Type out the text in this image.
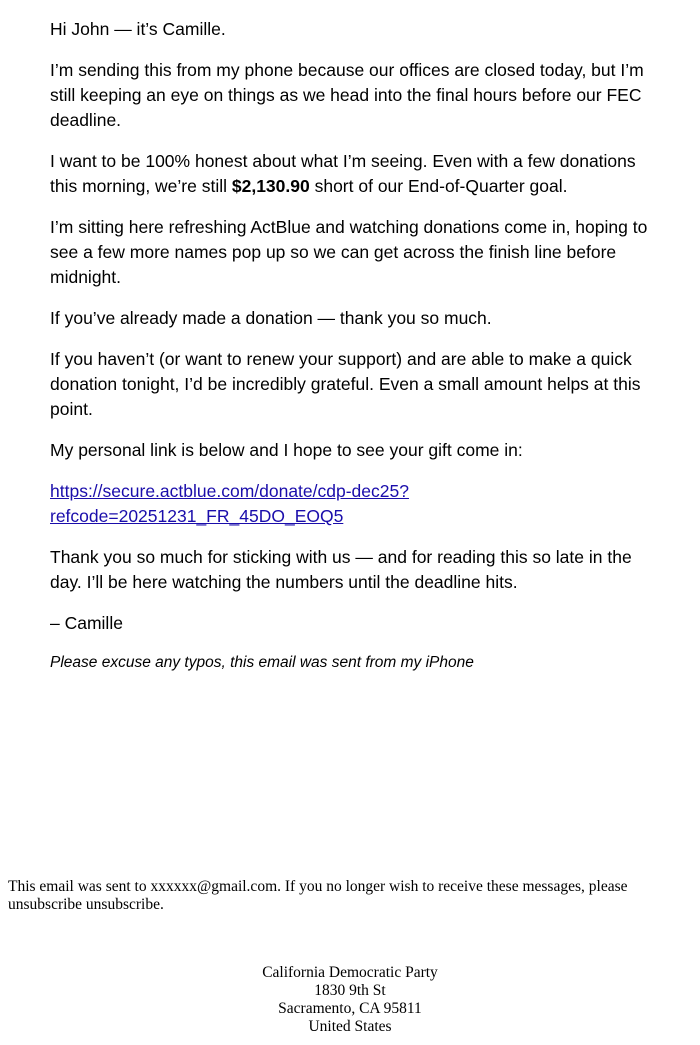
Hi John — it’s Camille.

I’m sending this from my phone because our offices are closed today, but I’m still keeping an eye on things as we head into the final hours before our FEC deadline.

I want to be 100% honest about what I’m seeing. Even with a few donations this morning, we’re still $2,130.90 short of our End-of-Quarter goal.

I’m sitting here refreshing ActBlue and watching donations come in, hoping to see a few more names pop up so we can get across the finish line before midnight.

If you’ve already made a donation — thank you so much.

If you haven’t (or want to renew your support) and are able to make a quick donation tonight, I’d be incredibly grateful. Even a small amount helps at this point.

My personal link is below and I hope to see your gift come in:

https://secure.actblue.com/donate/cdp-dec25?
refcode=20251231_FR_45DO_EOQ5

Thank you so much for sticking with us — and for reading this so late in the day. I’ll be here watching the numbers until the deadline hits.

– Camille

Please excuse any typos, this email was sent from my iPhone

This email was sent to xxxxxx@gmail.com. If you no longer wish to receive these messages, please unsubscribe unsubscribe.

California Democratic Party
1830 9th St
Sacramento, CA 95811
United States
